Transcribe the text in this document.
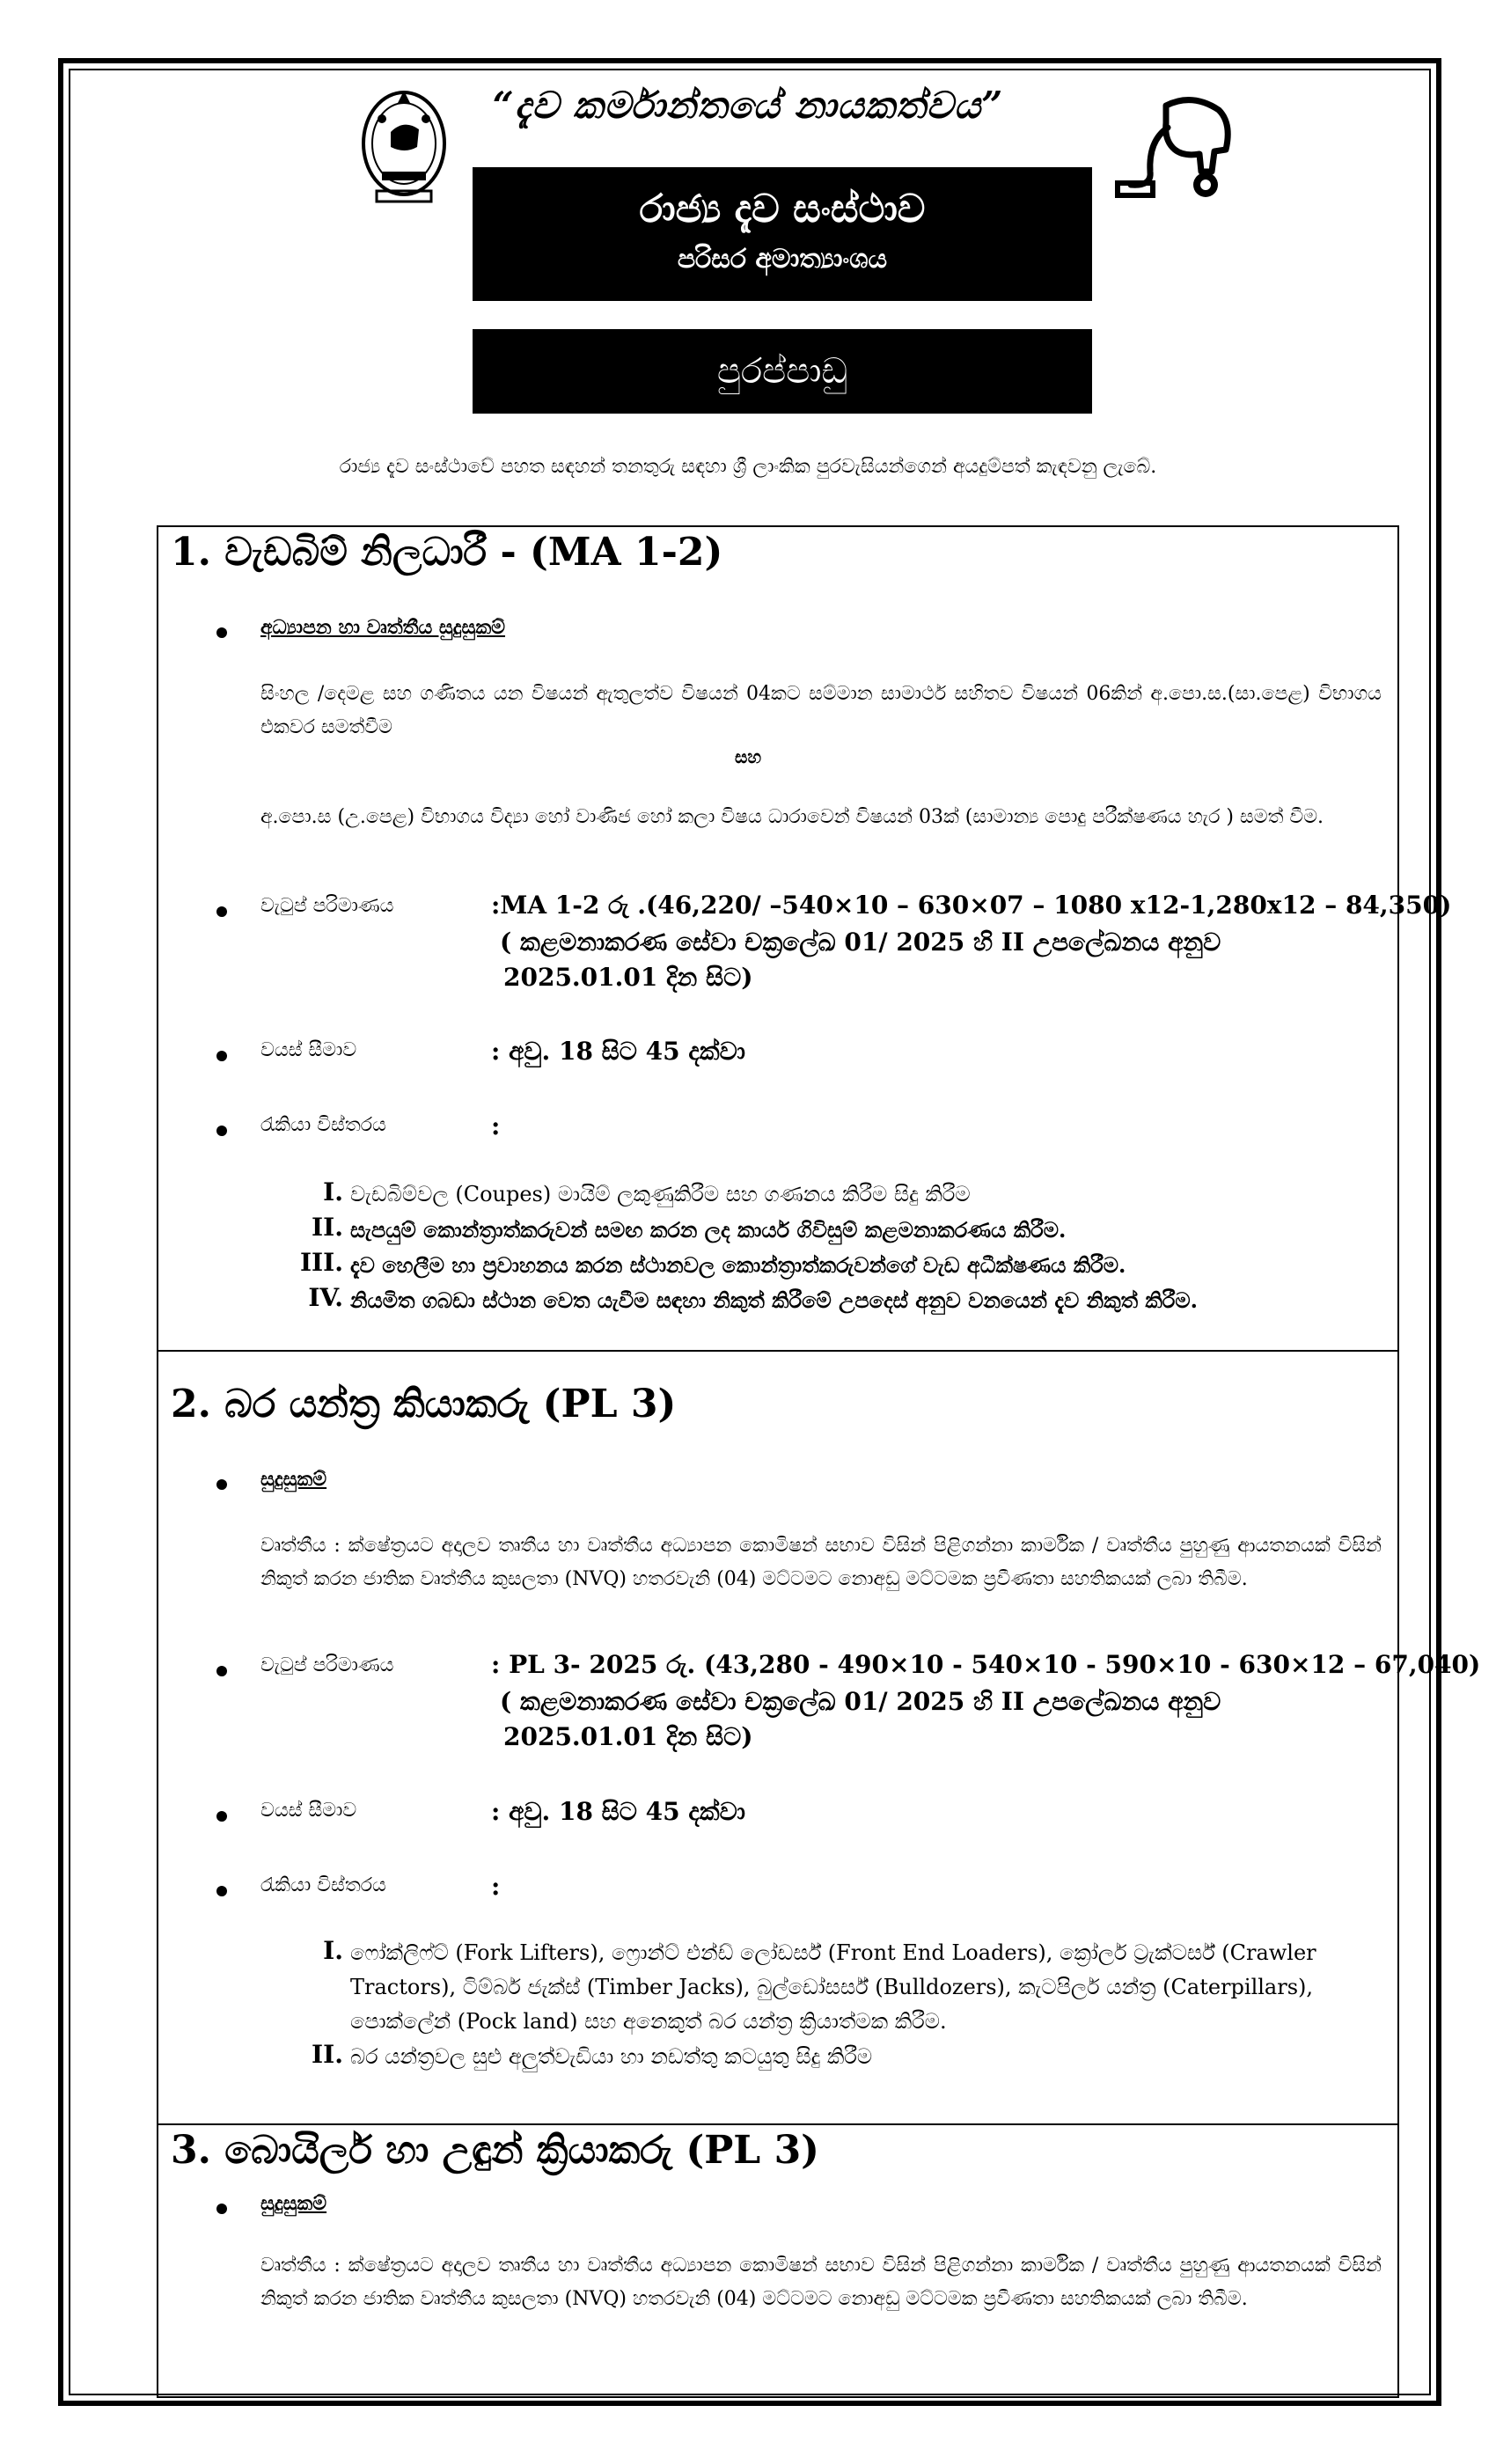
“දැව කර්මාන්තයේ නායකත්වය”
රාජ්‍ය දැව සංස්ථාව
පරිසර අමාත්‍යාංශය
පුරප්පාඩු
රාජ්‍ය දැව සංස්ථාවේ පහත සඳහන් තනතුරු සඳහා ශ්‍රී ලාංකික පුරවැසියන්ගෙන් අයදුම්පත් කැඳවනු ලැබේ.
1. වැඩබිම් නිලධාරී - (MA 1-2)
අධ්‍යාපන හා වෘත්තීය සුදුසුකම්
සිංහල /දෙමළ සහ ගණිතය යන විෂයන් ඇතුලත්ව විෂයන් 04කට සම්මාන සාමාර්ථ සහිතව විෂයන් 06කින් අ.පො.ස.(සා.පෙළ) විභාගය එකවර සමත්වීම
සහ
අ.පො.ස (උ.පෙළ) විභාගය විද්‍යා හෝ වාණිජ හෝ කලා විෂය ධාරාවෙන් විෂයන් 03ක් (සාමාන්‍ය පොදු පරීක්ෂණය හැර ) සමත් වීම.
වැටුප් පරිමාණය	:MA 1-2 රු .(46,220/ –540×10 – 630×07 – 1080 x12-1,280x12 – 84,350)
( කළමනාකරණ සේවා චක්‍රලේඛ 01/ 2025 හි II උපලේඛනය අනුව
2025.01.01 දින සිට)
වයස් සීමාව	: අවු. 18 සිට 45 දක්වා
රැකියා විස්තරය	:
I. වැඩබිම්වල (Coupes) මායිම් ලකුණුකිරීම සහ ගණනය කිරීම සිදු කිරීම
II. සැපයුම් කොන්ත්‍රාත්කරුවන් සමඟ කරන ලද කාර්ය ගිවිසුම් කළමනාකරණය කිරීම.
III. දැව හෙලීම හා ප්‍රවාහනය කරන ස්ථානවල කොන්ත්‍රාත්කරුවන්ගේ වැඩ අධීක්ෂණය කිරීම.
IV. නියමිත ගබඩා ස්ථාන වෙත යැවීම සඳහා නිකුත් කිරීමේ උපදෙස් අනුව වනයෙන් දැව නිකුත් කිරීම.
2. බර යන්ත්‍ර කියාකරු (PL 3)
සුදුසුකම්
වෘත්තීය : ක්ෂේත්‍රයට අදාලව තෘතීය හා වෘත්තීය අධ්‍යාපන කොමිෂන් සභාව විසින් පිළිගන්නා කාර්මික / වෘත්තීය පුහුණු ආයතනයක් විසින් නිකුත් කරන ජාතික වෘත්තීය කුසලතා (NVQ) හතරවැනි (04) මට්ටමට නොඅඩු මට්ටමක ප්‍රවීණතා සහතිකයක් ලබා තිබීම.
වැටුප් පරිමාණය	: PL 3- 2025 රු. (43,280 - 490×10 - 540×10 - 590×10 - 630×12 – 67,040)
( කළමනාකරණ සේවා චක්‍රලේඛ 01/ 2025 හි II උපලේඛනය අනුව
2025.01.01 දින සිට)
වයස් සීමාව	: අවු. 18 සිට 45 දක්වා
රැකියා විස්තරය	:
I. ෆෝක්ලිෆ්ට් (Fork Lifters), ෆ්‍රොන්ට් එන්ඩ් ලෝඩර්ස් (Front End Loaders), ක්‍රෝලර් ට්‍රැක්ටර්ස් (Crawler Tractors), ටිම්බර් ජැක්ස් (Timber Jacks), බුල්ඩෝසර්ස් (Bulldozers), කැටපිලර් යන්ත්‍ර (Caterpillars), පොක්ලේන් (Pock land) සහ අනෙකුත් බර යන්ත්‍ර ක්‍රියාත්මක කිරීම.
II. බර යන්ත්‍රවල සුළු අලුත්වැඩියා හා නඩත්තු කටයුතු සිදු කිරීම
3. බොයිලර් හා උඳුන් ක්‍රියාකරු (PL 3)
සුදුසුකම්
වෘත්තීය : ක්ෂේත්‍රයට අදාලව තෘතීය හා වෘත්තීය අධ්‍යාපන කොමිෂන් සභාව විසින් පිළිගන්නා කාර්මික / වෘත්තීය පුහුණු ආයතනයක් විසින් නිකුත් කරන ජාතික වෘත්තීය කුසලතා (NVQ) හතරවැනි (04) මට්ටමට නොඅඩු මට්ටමක ප්‍රවීණතා සහතිකයක් ලබා තිබීම.
